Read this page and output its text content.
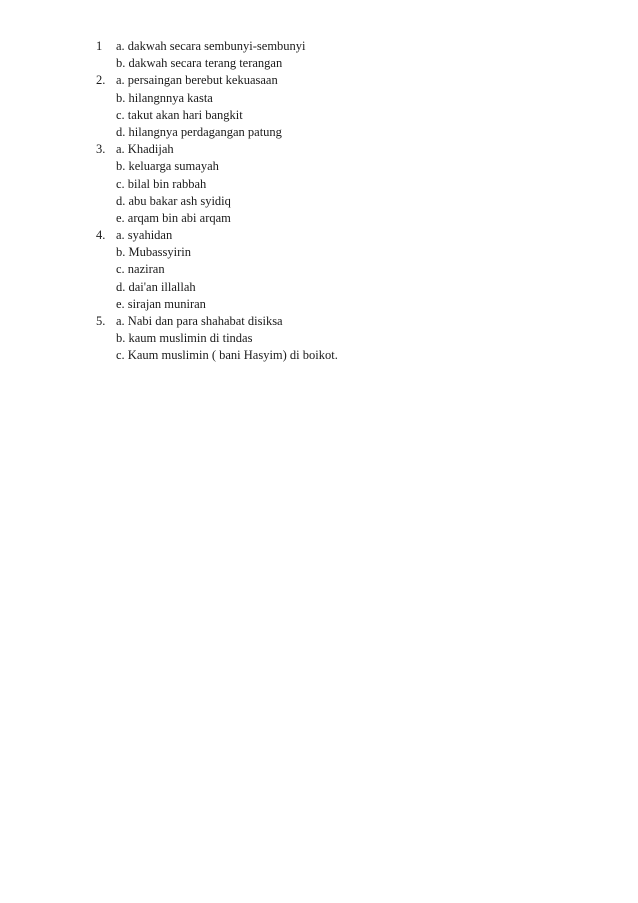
1	a. dakwah secara sembunyi-sembunyi
b. dakwah secara terang terangan
2. a. persaingan berebut kekuasaan
b. hilangnnya kasta
c. takut akan hari bangkit
d. hilangnya perdagangan patung
3. a. Khadijah
b. keluarga sumayah
c. bilal bin rabbah
d. abu bakar ash syidiq
e. arqam bin abi arqam
4. a. syahidan
b. Mubassyirin
c. naziran
d. dai'an illallah
e. sirajan muniran
5. a. Nabi dan para shahabat disiksa
b. kaum muslimin di tindas
c. Kaum muslimin ( bani Hasyim) di boikot.
